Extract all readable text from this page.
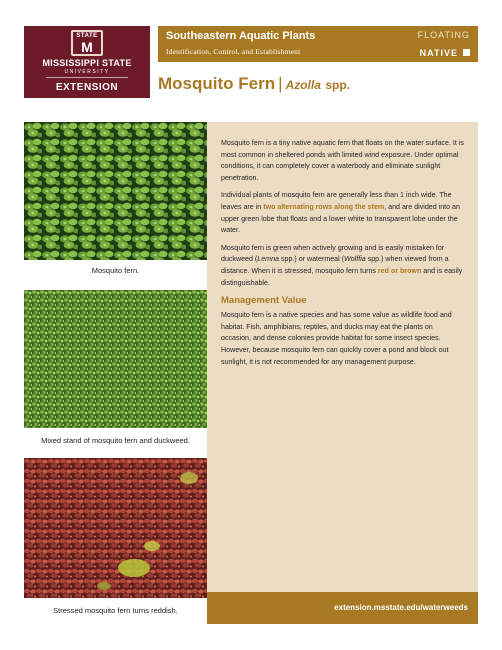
STATE
M
MISSISSIPPI STATE
UNIVERSITY
EXTENSION
Southeastern Aquatic Plants
Identification, Control, and Establishment
FLOATING
NATIVE
Mosquito Fern | Azolla spp.
Mosquito fern.
Mixed stand of mosquito fern and duckweed.
Stressed mosquito fern turns reddish.

Mosquito fern is a tiny native aquatic fern that floats on the water surface. It is most common in sheltered ponds with limited wind exposure. Under optimal conditions, it can completely cover a waterbody and eliminate sunlight penetration.

Individual plants of mosquito fern are generally less than 1 inch wide. The leaves are in two alternating rows along the stem, and are divided into an upper green lobe that floats and a lower white to transparent lobe under the water.

Mosquito fern is green when actively growing and is easily mistaken for duckweed (Lemna spp.) or watermeal (Wolffia spp.) when viewed from a distance. When it is stressed, mosquito fern turns red or brown and is easily distinguishable.

Management Value

Mosquito fern is a native species and has some value as wildlife food and habitat. Fish, amphibians, reptiles, and ducks may eat the plants on occasion, and dense colonies provide habitat for some insect species. However, because mosquito fern can quickly cover a pond and block out sunlight, it is not recommended for any management purpose.

extension.msstate.edu/waterweeds
